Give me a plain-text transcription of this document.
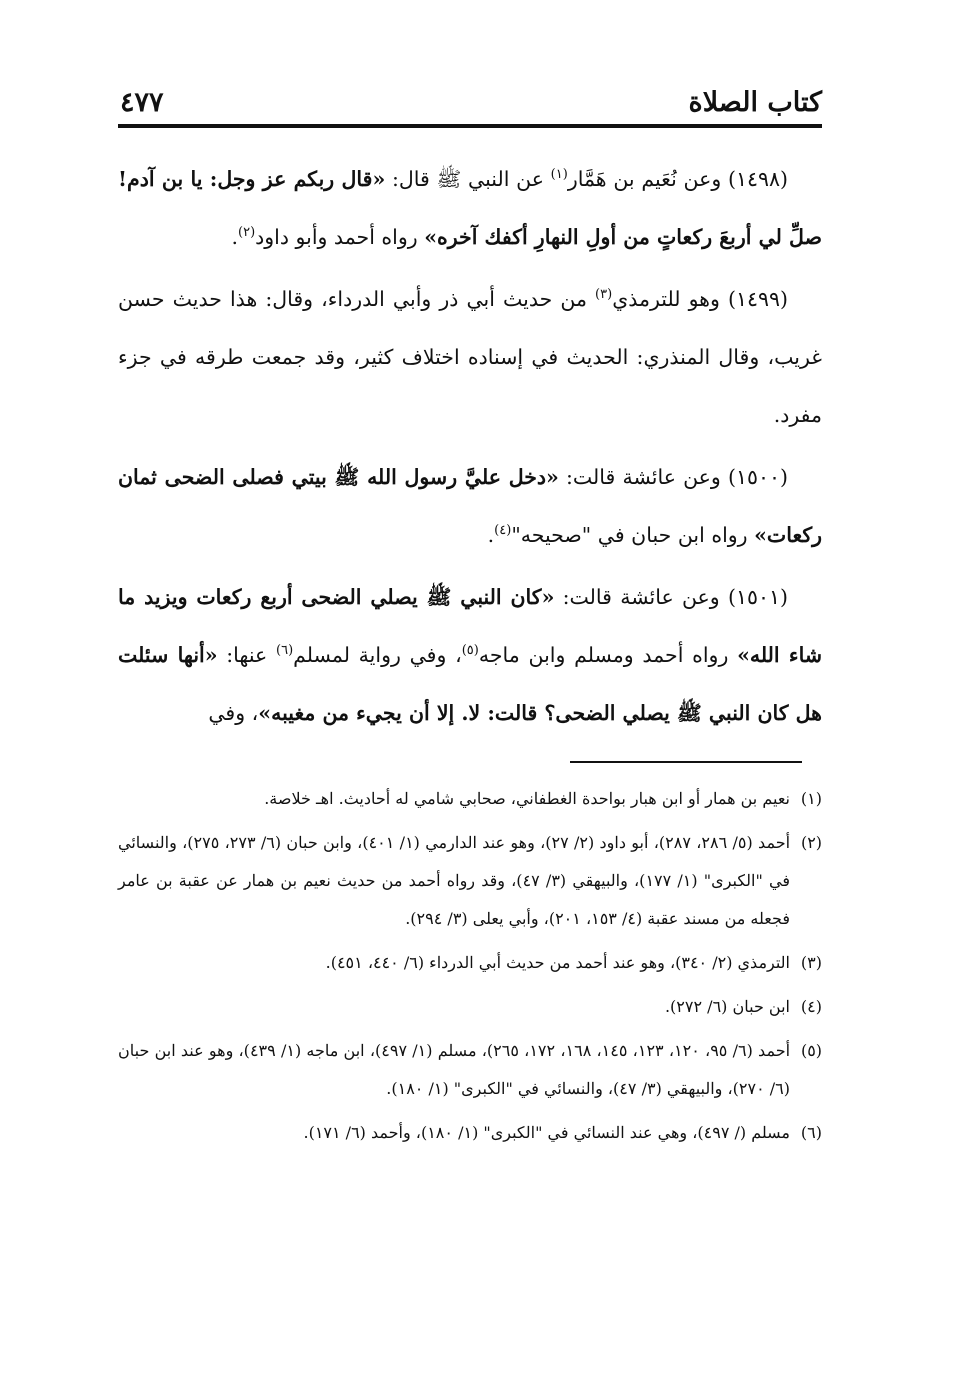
كتاب الصلاة
٤٧٧

(١٤٩٨) وعن نُعَيم بن هَمَّار$^{(١)}$ عن النبي ﷺ قال: «قال ربكم عز وجل: يا بن آدم! صلِّ لي أربعَ ركعاتٍ من أولِ النهارِ أكفك آخره» رواه أحمد وأبو داود$^{(٢)}$.

(١٤٩٩) وهو للترمذي$^{(٣)}$ من حديث أبي ذر وأبي الدرداء، وقال: هذا حديث حسن غريب، وقال المنذري: الحديث في إسناده اختلاف كثير، وقد جمعت طرقه في جزء مفرد.

(١٥٠٠) وعن عائشة قالت: «دخل عليَّ رسول الله ﷺ بيتي فصلى الضحى ثمان ركعات» رواه ابن حبان في "صحيحه"$^{(٤)}$.

(١٥٠١) وعن عائشة قالت: «كان النبي ﷺ يصلي الضحى أربع ركعات ويزيد ما شاء الله» رواه أحمد ومسلم وابن ماجه$^{(٥)}$، وفي رواية لمسلم$^{(٦)}$ عنها: «أنها سئلت هل كان النبي ﷺ يصلي الضحى؟ قالت: لا. إلا أن يجيء من مغيبه»، وفي

(١)نعيم بن همار أو ابن هبار بواحدة الغطفاني، صحابي شامي له أحاديث. اهـ خلاصة.

(٢)أحمد (٥/ ٢٨٦، ٢٨٧)، أبو داود (٢/ ٢٧)، وهو عند الدارمي (١/ ٤٠١)، وابن حبان (٦/ ٢٧٣، ٢٧٥)، والنسائي في "الكبرى" (١/ ١٧٧)، والبيهقي (٣/ ٤٧)، وقد رواه أحمد من حديث نعيم بن همار عن عقبة بن عامر فجعله من مسند عقبة (٤/ ١٥٣، ٢٠١)، وأبي يعلى (٣/ ٢٩٤).

(٣)الترمذي (٢/ ٣٤٠)، وهو عند أحمد من حديث أبي الدرداء (٦/ ٤٤٠، ٤٥١).

(٤)ابن حبان (٦/ ٢٧٢).

(٥)أحمد (٦/ ٩٥، ١٢٠، ١٢٣، ١٤٥، ١٦٨، ١٧٢، ٢٦٥)، مسلم (١/ ٤٩٧)، ابن ماجه (١/ ٤٣٩)، وهو عند ابن حبان (٦/ ٢٧٠)، والبيهقي (٣/ ٤٧)، والنسائي في "الكبرى" (١/ ١٨٠).

(٦)مسلم (/ ٤٩٧)، وهي عند النسائي في "الكبرى" (١/ ١٨٠)، وأحمد (٦/ ١٧١).
